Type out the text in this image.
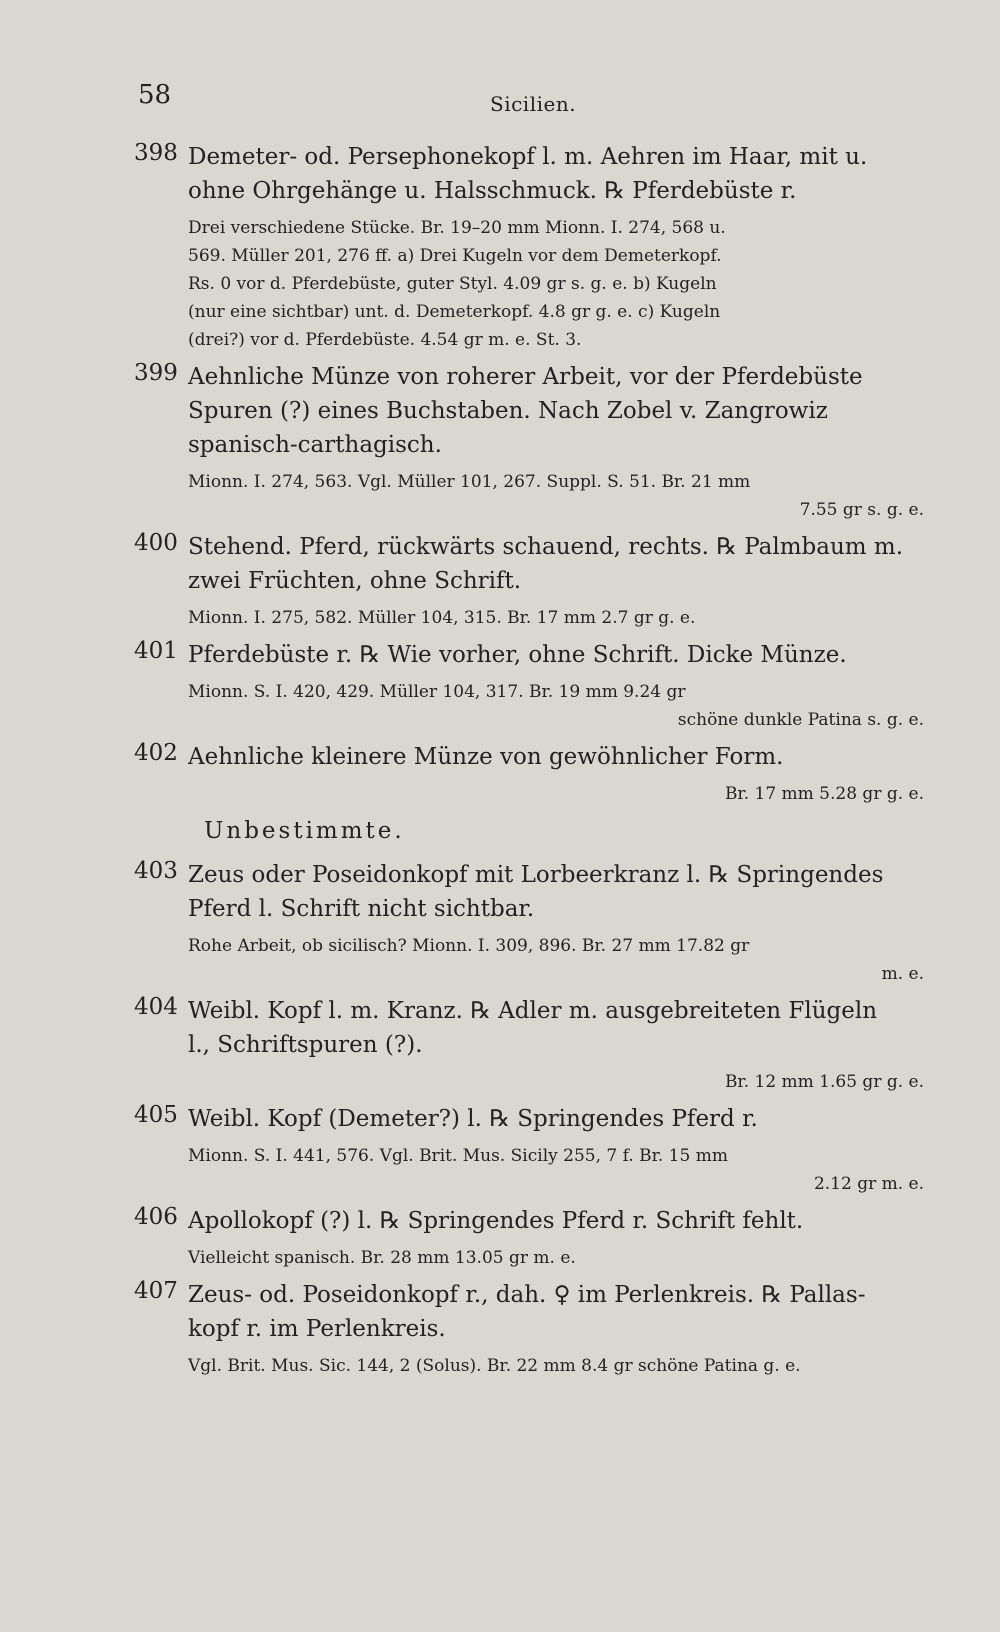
58	Sicilien.
398 Demeter- od. Persephonekopf l. m. Aehren im Haar, mit u.
ohne Ohrgehänge u. Halsschmuck. ℞ Pferdebüste r.
Drei verschiedene Stücke. Br. 19–20 mm Mionn. I. 274, 568 u.
569. Müller 201, 276 ff. a) Drei Kugeln vor dem Demeterkopf.
Rs. 0 vor d. Pferdebüste, guter Styl. 4.09 gr s. g. e. b) Kugeln
(nur eine sichtbar) unt. d. Demeterkopf. 4.8 gr g. e. c) Kugeln
(drei?) vor d. Pferdebüste. 4.54 gr m. e. St. 3.
399 Aehnliche Münze von roherer Arbeit, vor der Pferdebüste
Spuren (?) eines Buchstaben. Nach Zobel v. Zangrowiz
spanisch-carthagisch.
Mionn. I. 274, 563. Vgl. Müller 101, 267. Suppl. S. 51. Br. 21 mm
7.55 gr s. g. e.
400 Stehend. Pferd, rückwärts schauend, rechts. ℞ Palmbaum m.
zwei Früchten, ohne Schrift.
Mionn. I. 275, 582. Müller 104, 315. Br. 17 mm 2.7 gr g. e.
401 Pferdebüste r. ℞ Wie vorher, ohne Schrift. Dicke Münze.
Mionn. S. I. 420, 429. Müller 104, 317. Br. 19 mm 9.24 gr
schöne dunkle Patina s. g. e.
402 Aehnliche kleinere Münze von gewöhnlicher Form.
Br. 17 mm 5.28 gr g. e.
Unbestimmte.
403 Zeus oder Poseidonkopf mit Lorbeerkranz l. ℞ Springendes
Pferd l. Schrift nicht sichtbar.
Rohe Arbeit, ob sicilisch? Mionn. I. 309, 896. Br. 27 mm 17.82 gr
m. e.
404 Weibl. Kopf l. m. Kranz. ℞ Adler m. ausgebreiteten Flügeln
l., Schriftspuren (?).
Br. 12 mm 1.65 gr g. e.
405 Weibl. Kopf (Demeter?) l. ℞ Springendes Pferd r.
Mionn. S. I. 441, 576. Vgl. Brit. Mus. Sicily 255, 7 f. Br. 15 mm
2.12 gr m. e.
406 Apollokopf (?) l. ℞ Springendes Pferd r. Schrift fehlt.
Vielleicht spanisch. Br. 28 mm 13.05 gr m. e.
407 Zeus- od. Poseidonkopf r., dah. ♀ im Perlenkreis. ℞ Pallas-
kopf r. im Perlenkreis.
Vgl. Brit. Mus. Sic. 144, 2 (Solus). Br. 22 mm 8.4 gr schöne Patina g. e.
